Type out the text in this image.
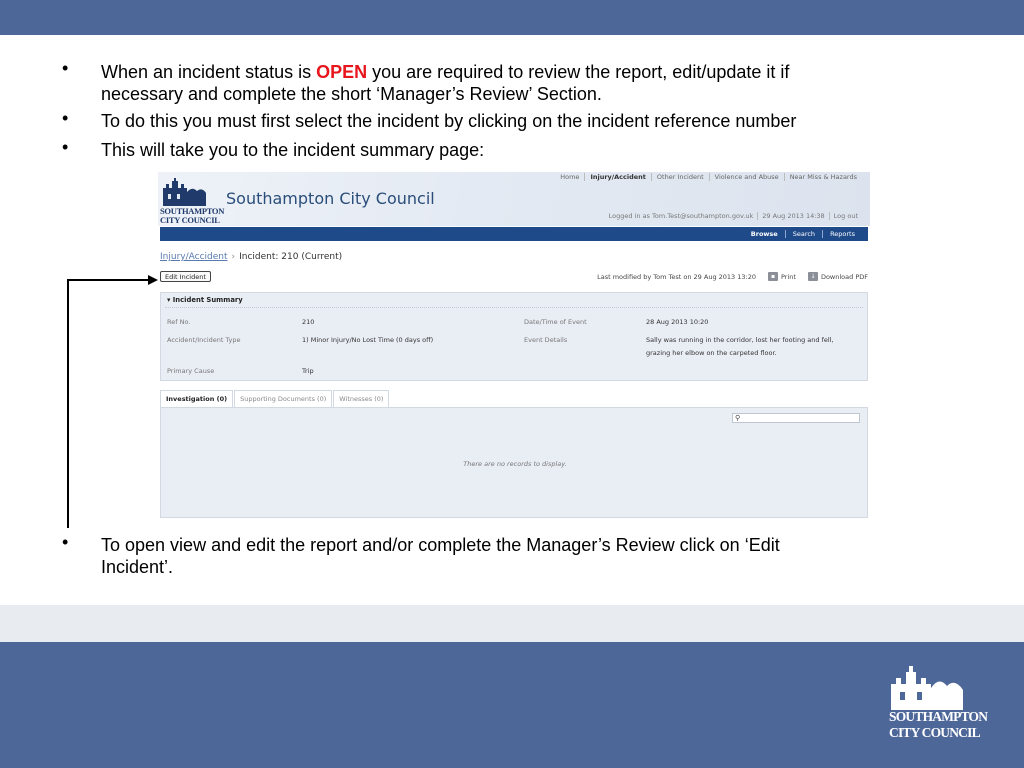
• When an incident status is OPEN you are required to review the report, edit/update it if
necessary and complete the short ‘Manager’s Review’ Section.
• To do this you must first select the incident by clicking on the incident reference number
• This will take you to the incident summary page:
SOUTHAMPTON
CITY COUNCIL
Southampton City Council
Home Injury/Accident Other Incident Violence and Abuse Near Miss & Hazards
Logged in as Tom.Test@southampton.gov.uk 29 Aug 2013 14:38 Log out
Browse Search Reports
Injury/Accident › Incident: 210 (Current)
Edit Incident	Last modified by Tom Test on 29 Aug 2013 13:20	▪ Print	↓ Download PDF
▾ Incident Summary
Ref No.	210
Accident/Incident Type	1) Minor Injury/No Lost Time (0 days off)
Primary Cause	Trip
Date/Time of Event	28 Aug 2013 10:20
Event Details	Sally was running in the corridor, lost her footing and fell,
grazing her elbow on the carpeted floor.
Investigation (0)	Supporting Documents (0)	Witnesses (0)
⚲
There are no records to display.
• To open view and edit the report and/or complete the Manager’s Review click on ‘Edit
Incident’.
SOUTHAMPTON
CITY COUNCIL
